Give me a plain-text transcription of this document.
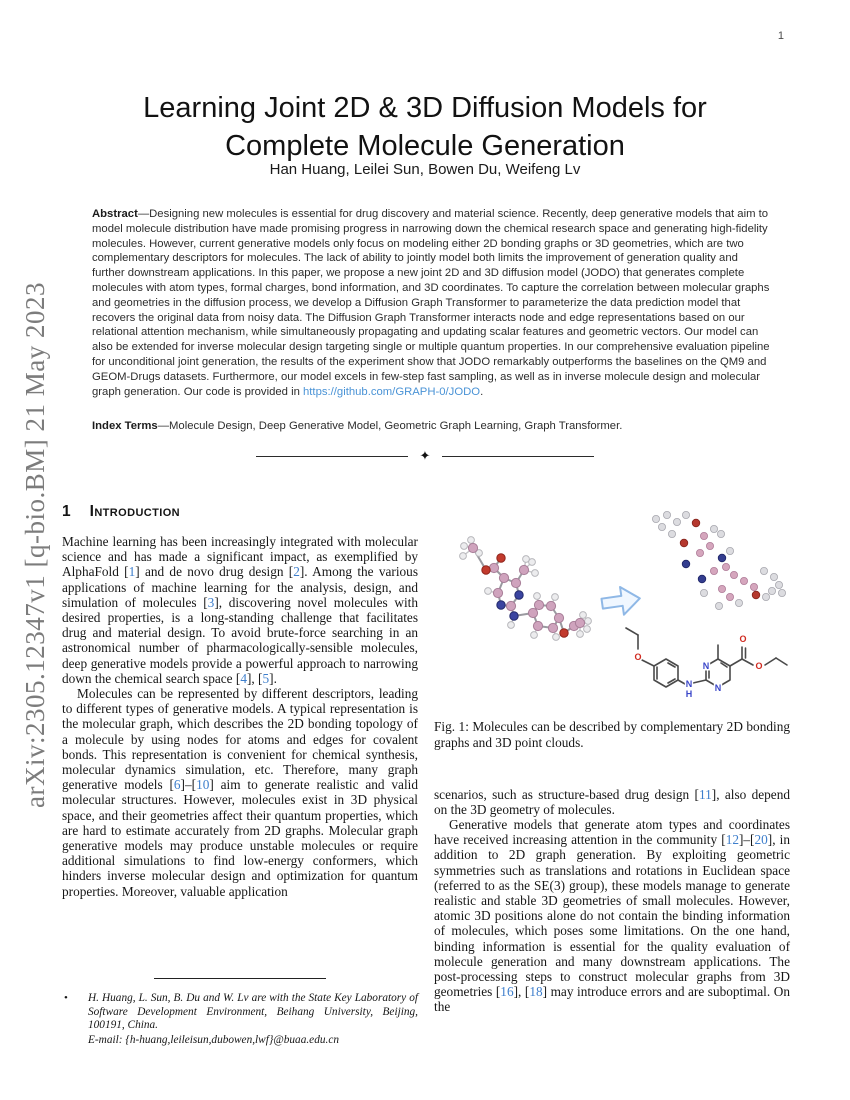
arXiv:2305.12347v1 [q-bio.BM] 21 May 2023
1
Learning Joint 2D & 3D Diffusion Models for
Complete Molecule Generation
Han Huang, Leilei Sun, Bowen Du, Weifeng Lv
Abstract—Designing new molecules is essential for drug discovery and material science. Recently, deep generative models that aim to model molecule distribution have made promising progress in narrowing down the chemical research space and generating high-fidelity molecules. However, current generative models only focus on modeling either 2D bonding graphs or 3D geometries, which are two complementary descriptors for molecules. The lack of ability to jointly model both limits the improvement of generation quality and further downstream applications. In this paper, we propose a new joint 2D and 3D diffusion model (JODO) that generates complete molecules with atom types, formal charges, bond information, and 3D coordinates. To capture the correlation between molecular graphs and geometries in the diffusion process, we develop a Diffusion Graph Transformer to parameterize the data prediction model that recovers the original data from noisy data. The Diffusion Graph Transformer interacts node and edge representations based on our relational attention mechanism, while simultaneously propagating and updating scalar features and geometric vectors. Our model can also be extended for inverse molecular design targeting single or multiple quantum properties. In our comprehensive evaluation pipeline for unconditional joint generation, the results of the experiment show that JODO remarkably outperforms the baselines on the QM9 and GEOM-Drugs datasets. Furthermore, our model excels in few-step fast sampling, as well as in inverse molecule design and molecular graph generation. Our code is provided in https://github.com/GRAPH-0/JODO.
Index Terms—Molecule Design, Deep Generative Model, Geometric Graph Learning, Graph Transformer.
✦
1 Introduction

Machine learning has been increasingly integrated with molecular science and has made a significant impact, as exemplified by AlphaFold [1] and de novo drug design [2]. Among the various applications of machine learning for the analysis, design, and simulation of molecules [3], discovering novel molecules with desired properties, is a long-standing challenge that facilitates drug and material design. To avoid brute-force searching in an astronomical number of pharmacologically-sensible molecules, deep generative models provide a powerful approach to narrowing down the chemical search space [4], [5].

Molecules can be represented by different descriptors, leading to different types of generative models. A typical representation is the molecular graph, which describes the 2D bonding topology of a molecule by using nodes for atoms and edges for covalent bonds. This representation is convenient for chemical synthesis, molecular dynamics simulation, etc. Therefore, many graph generative models [6]–[10] aim to generate realistic and valid molecular structures. However, molecules exist in 3D physical space, and their geometries affect their quantum properties, which are hard to estimate accurately from 2D graphs. Molecular graph generative models may produce unstable molecules or require additional simulations to find low-energy conformers, which hinders inverse molecular design and optimization for quantum properties. Moreover, valuable application

•	H. Huang, L. Sun, B. Du and W. Lv are with the State Key Laboratory of Software Development Environment, Beihang University, Beijing, 100191, China.
E-mail: {h-huang,leileisun,dubowen,lwf}@buaa.edu.cn
O
N
H
N
N
O
O

Fig. 1: Molecules can be described by complementary 2D bonding graphs and 3D point clouds.

scenarios, such as structure-based drug design [11], also depend on the 3D geometry of molecules.

Generative models that generate atom types and coordinates have received increasing attention in the community [12]–[20], in addition to 2D graph generation. By exploiting geometric symmetries such as translations and rotations in Euclidean space (referred to as the SE(3) group), these models manage to generate realistic and stable 3D geometries of small molecules. However, atomic 3D positions alone do not contain the binding information of molecules, which poses some limitations. On the one hand, binding information is essential for the quality evaluation of molecule generation and many downstream applications. The post-processing steps to construct molecular graphs from 3D geometries [16], [18] may introduce errors and are suboptimal. On the
